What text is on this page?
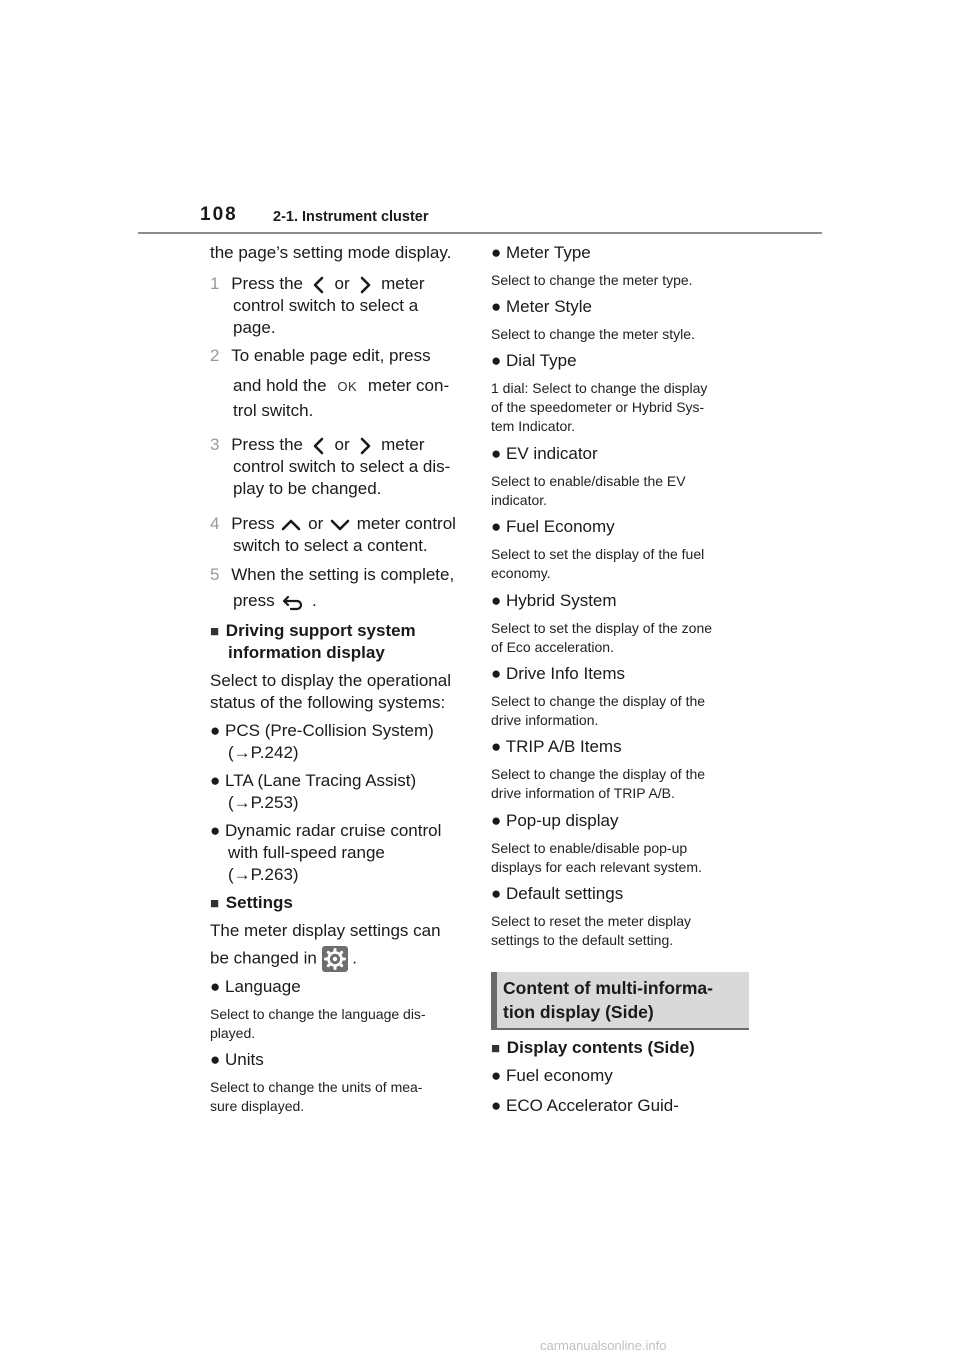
108 2-1. Instrument cluster
the page’s setting mode display.
1 Press the or meter
control switch to select a
page.
2 To enable page edit, press
and hold the OK meter con-
trol switch.
3 Press the or meter
control switch to select a dis-
play to be changed.
4 Press or meter control
switch to select a content.
5 When the setting is complete,
press .
■ Driving support system
information display
Select to display the operational
status of the following systems:
● PCS (Pre-Collision System)
(→P.242)
● LTA (Lane Tracing Assist)
(→P.253)
● Dynamic radar cruise control
with full-speed range
(→P.263)
■ Settings
The meter display settings can
be changed in .
● Language
Select to change the language dis-
played.
● Units
Select to change the units of mea-
sure displayed.
● Meter Type
Select to change the meter type.
● Meter Style
Select to change the meter style.
● Dial Type
1 dial: Select to change the display
of the speedometer or Hybrid Sys-
tem Indicator.
● EV indicator
Select to enable/disable the EV
indicator.
● Fuel Economy
Select to set the display of the fuel
economy.
● Hybrid System
Select to set the display of the zone
of Eco acceleration.
● Drive Info Items
Select to change the display of the
drive information.
● TRIP A/B Items
Select to change the display of the
drive information of TRIP A/B.
● Pop-up display
Select to enable/disable pop-up
displays for each relevant system.
● Default settings
Select to reset the meter display
settings to the default setting.
Content of multi-informa-
tion display (Side)
■ Display contents (Side)
● Fuel economy
● ECO Accelerator Guid-
carmanualsonline.info
